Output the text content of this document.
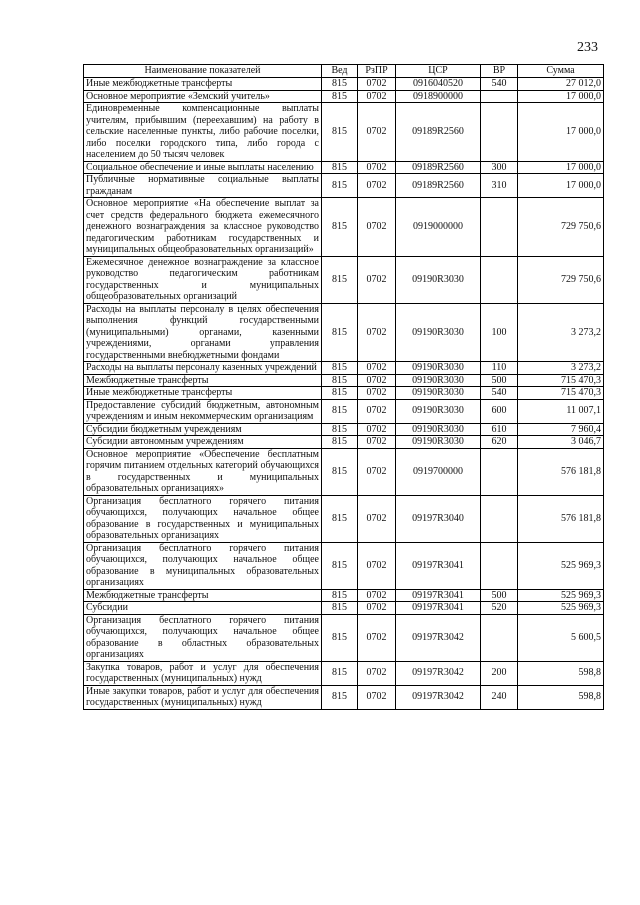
233
Наименование показателей	Вед	РзПР	ЦСР	ВР	Сумма
Иные межбюджетные трансферты	815	0702	0916040520	540	27 012,0
Основное мероприятие «Земский учитель»	815	0702	0918900000		17 000,0
Единовременные компенсационные выплаты учителям, прибывшим (переехавшим) на работу в сельские населенные пункты, либо рабочие поселки, либо поселки городского типа, либо города с населением до 50 тысяч человек	815	0702	09189R2560		17 000,0
Социальное обеспечение и иные выплаты населению	815	0702	09189R2560	300	17 000,0
Публичные нормативные социальные выплаты гражданам	815	0702	09189R2560	310	17 000,0
Основное мероприятие «На обеспечение выплат за счет средств федерального бюджета ежемесячного денежного вознаграждения за классное руководство педагогическим работникам государственных и муниципальных общеобразовательных организаций»	815	0702	0919000000		729 750,6
Ежемесячное денежное вознаграждение за классное руководство педагогическим работникам государственных и муниципальных общеобразовательных организаций	815	0702	09190R3030		729 750,6
Расходы на выплаты персоналу в целях обеспечения выполнения функций государственными (муниципальными) органами, казенными учреждениями, органами управления государственными внебюджетными фондами	815	0702	09190R3030	100	3 273,2
Расходы на выплаты персоналу казенных учреждений	815	0702	09190R3030	110	3 273,2
Межбюджетные трансферты	815	0702	09190R3030	500	715 470,3
Иные межбюджетные трансферты	815	0702	09190R3030	540	715 470,3
Предоставление субсидий бюджетным, автономным учреждениям и иным некоммерческим организациям	815	0702	09190R3030	600	11 007,1
Субсидии бюджетным учреждениям	815	0702	09190R3030	610	7 960,4
Субсидии автономным учреждениям	815	0702	09190R3030	620	3 046,7
Основное мероприятие «Обеспечение бесплатным горячим питанием отдельных категорий обучающихся в государственных и муниципальных образовательных организациях»	815	0702	0919700000		576 181,8
Организация бесплатного горячего питания обучающихся, получающих начальное общее образование в государственных и муниципальных образовательных организациях	815	0702	09197R3040		576 181,8
Организация бесплатного горячего питания обучающихся, получающих начальное общее образование в муниципальных образовательных организациях	815	0702	09197R3041		525 969,3
Межбюджетные трансферты	815	0702	09197R3041	500	525 969,3
Субсидии	815	0702	09197R3041	520	525 969,3
Организация бесплатного горячего питания обучающихся, получающих начальное общее образование в областных образовательных организациях	815	0702	09197R3042		5 600,5
Закупка товаров, работ и услуг для обеспечения государственных (муниципальных) нужд	815	0702	09197R3042	200	598,8
Иные закупки товаров, работ и услуг для обеспечения государственных (муниципальных) нужд	815	0702	09197R3042	240	598,8
